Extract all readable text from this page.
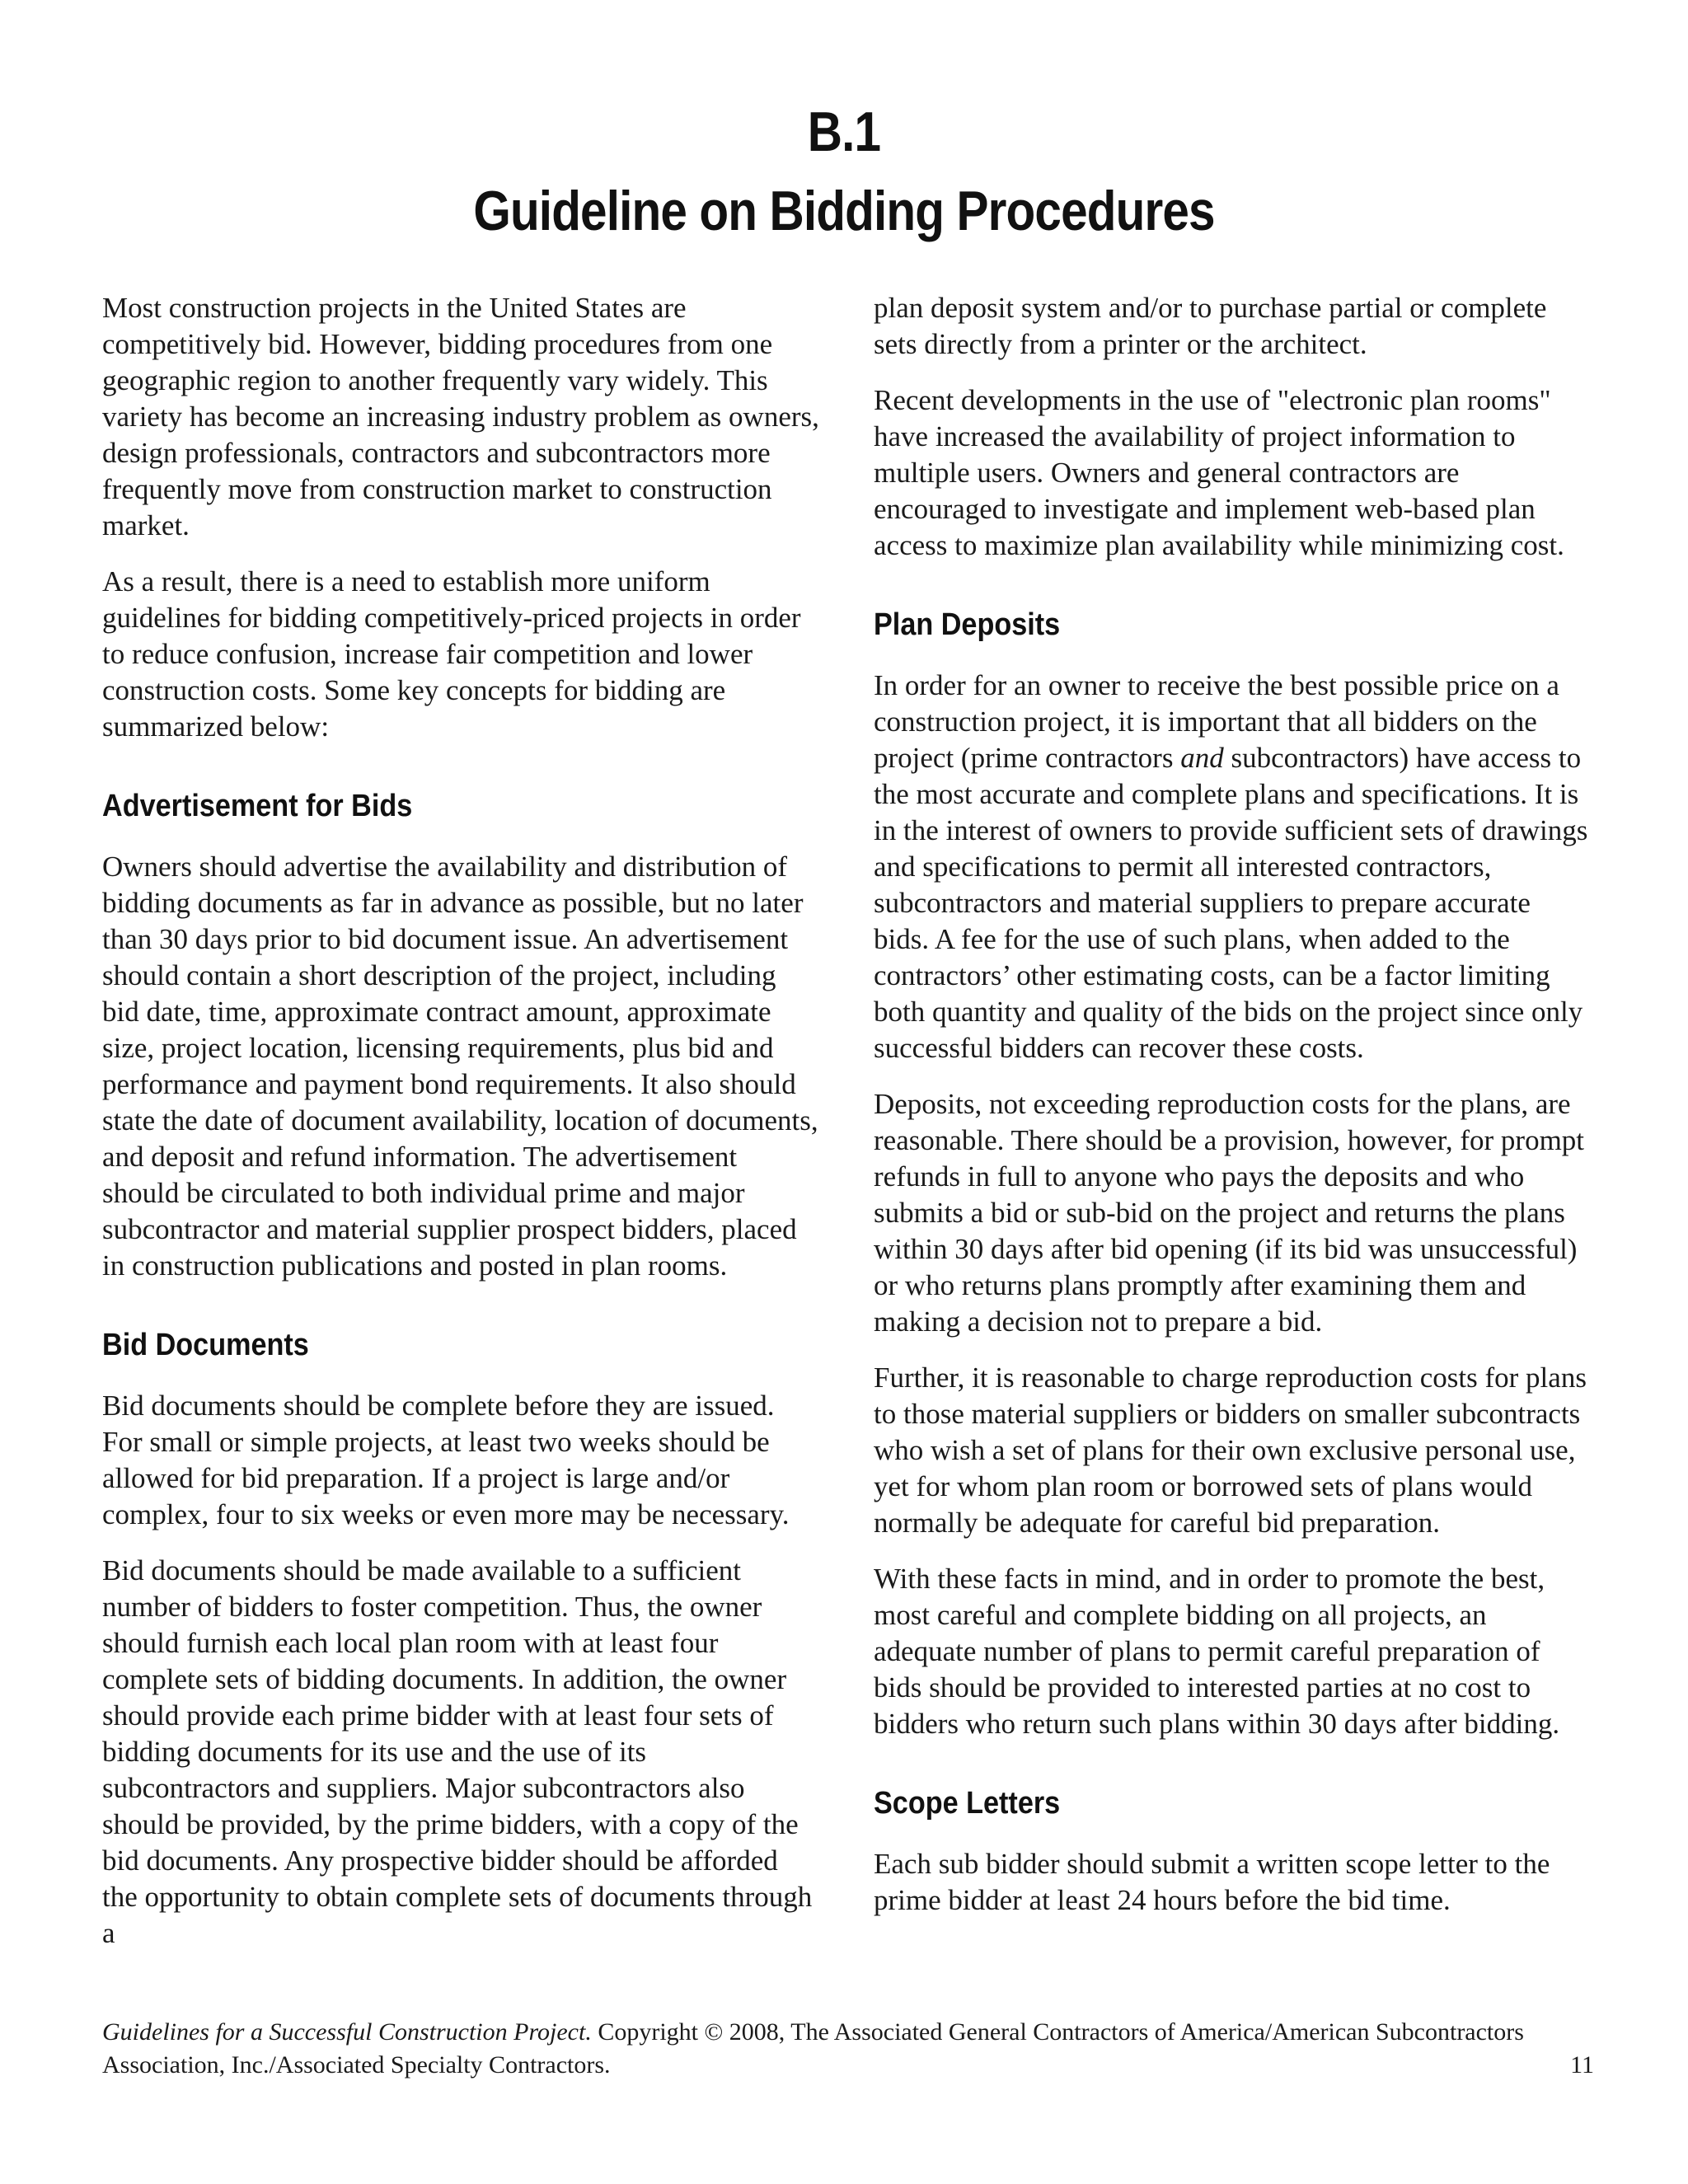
B.1
Guideline on Bidding Procedures

Most construction projects in the United States are competitively bid. However, bidding procedures from one geographic region to another frequently vary widely. This variety has become an increasing industry problem as owners, design professionals, contractors and subcontractors more frequently move from construction market to construction market.

As a result, there is a need to establish more uniform guidelines for bidding competitively-priced projects in order to reduce confusion, increase fair competition and lower construction costs. Some key concepts for bidding are summarized below:

Advertisement for Bids

Owners should advertise the availability and distribution of bidding documents as far in advance as possible, but no later than 30 days prior to bid document issue. An advertisement should contain a short description of the project, including bid date, time, approximate contract amount, approximate size, project location, licensing requirements, plus bid and performance and payment bond requirements. It also should state the date of document availability, location of documents, and deposit and refund information. The advertisement should be circulated to both individual prime and major subcontractor and material supplier prospect bidders, placed in construction publications and posted in plan rooms.

Bid Documents

Bid documents should be complete before they are issued. For small or simple projects, at least two weeks should be allowed for bid preparation. If a project is large and/or complex, four to six weeks or even more may be necessary.

Bid documents should be made available to a sufficient number of bidders to foster competition. Thus, the owner should furnish each local plan room with at least four complete sets of bidding documents. In addition, the owner should provide each prime bidder with at least four sets of bidding documents for its use and the use of its subcontractors and suppliers. Major subcontractors also should be provided, by the prime bidders, with a copy of the bid documents. Any prospective bidder should be afforded the opportunity to obtain complete sets of documents through a

plan deposit system and/or to purchase partial or complete sets directly from a printer or the architect.

Recent developments in the use of "electronic plan rooms" have increased the availability of project information to multiple users. Owners and general contractors are encouraged to investigate and implement web-based plan access to maximize plan availability while minimizing cost.

Plan Deposits

In order for an owner to receive the best possible price on a construction project, it is important that all bidders on the project (prime contractors and subcontractors) have access to the most accurate and complete plans and specifications. It is in the interest of owners to provide sufficient sets of drawings and specifications to permit all interested contractors, subcontractors and material suppliers to prepare accurate bids. A fee for the use of such plans, when added to the contractors’ other estimating costs, can be a factor limiting both quantity and quality of the bids on the project since only successful bidders can recover these costs.

Deposits, not exceeding reproduction costs for the plans, are reasonable. There should be a provision, however, for prompt refunds in full to anyone who pays the deposits and who submits a bid or sub-bid on the project and returns the plans within 30 days after bid opening (if its bid was unsuccessful) or who returns plans promptly after examining them and making a decision not to prepare a bid.

Further, it is reasonable to charge reproduction costs for plans to those material suppliers or bidders on smaller subcontracts who wish a set of plans for their own exclusive personal use, yet for whom plan room or borrowed sets of plans would normally be adequate for careful bid preparation.

With these facts in mind, and in order to promote the best, most careful and complete bidding on all projects, an adequate number of plans to permit careful preparation of bids should be provided to interested parties at no cost to bidders who return such plans within 30 days after bidding.

Scope Letters

Each sub bidder should submit a written scope letter to the prime bidder at least 24 hours before the bid time.

Guidelines for a Successful Construction Project. Copyright © 2008, The Associated General Contractors of America/American Subcontractors Association, Inc./Associated Specialty Contractors.	11
